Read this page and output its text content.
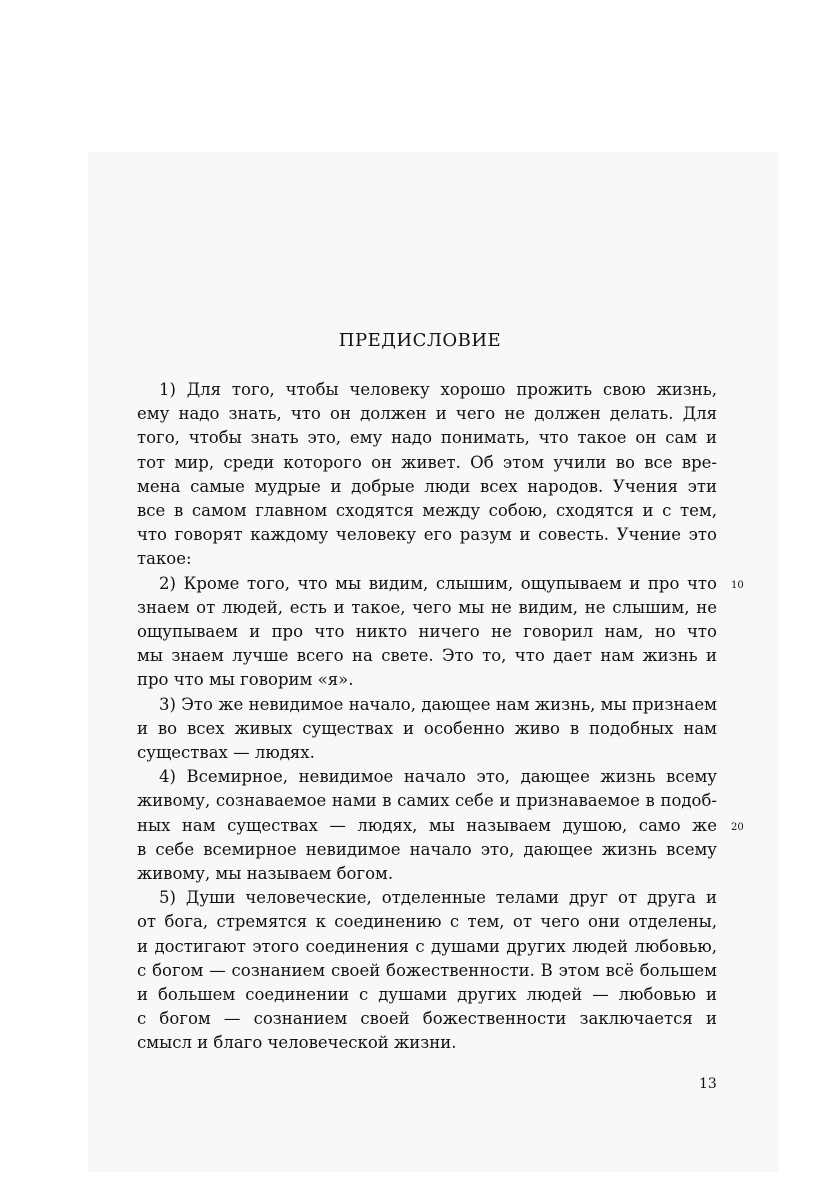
ПРЕДИСЛОВИЕ
1) Для того, чтобы человеку хорошо прожить свою жизнь,
ему надо знать, что он должен и чего не должен делать. Для
того, чтобы знать это, ему надо понимать, что такое он сам и
тот мир, среди которого он живет. Об этом учили во все вре-
мена самые мудрые и добрые люди всех народов. Учения эти
все в самом главном сходятся между собою, сходятся и с тем,
что говорят каждому человеку его разум и совесть. Учение это
такое:
2) Кроме того, что мы видим, слышим, ощупываем и про что
знаем от людей, есть и такое, чего мы не видим, не слышим, не
ощупываем и про что никто ничего не говорил нам, но что
мы знаем лучше всего на свете. Это то, что дает нам жизнь и
про что мы говорим «я».
3) Это же невидимое начало, дающее нам жизнь, мы признаем
и во всех живых существах и особенно живо в подобных нам
существах — людях.
4) Всемирное, невидимое начало это, дающее жизнь всему
живому, сознаваемое нами в самих себе и признаваемое в подоб-
ных нам существах — людях, мы называем душою, само же
в себе всемирное невидимое начало это, дающее жизнь всему
живому, мы называем богом.
5) Души человеческие, отделенные телами друг от друга и
от бога, стремятся к соединению с тем, от чего они отделены,
и достигают этого соединения с душами других людей любовью,
с богом — сознанием своей божественности. В этом всё большем
и большем соединении с душами других людей — любовью и
с богом — сознанием своей божественности заключается и
смысл и благо человеческой жизни.
10
20
13
